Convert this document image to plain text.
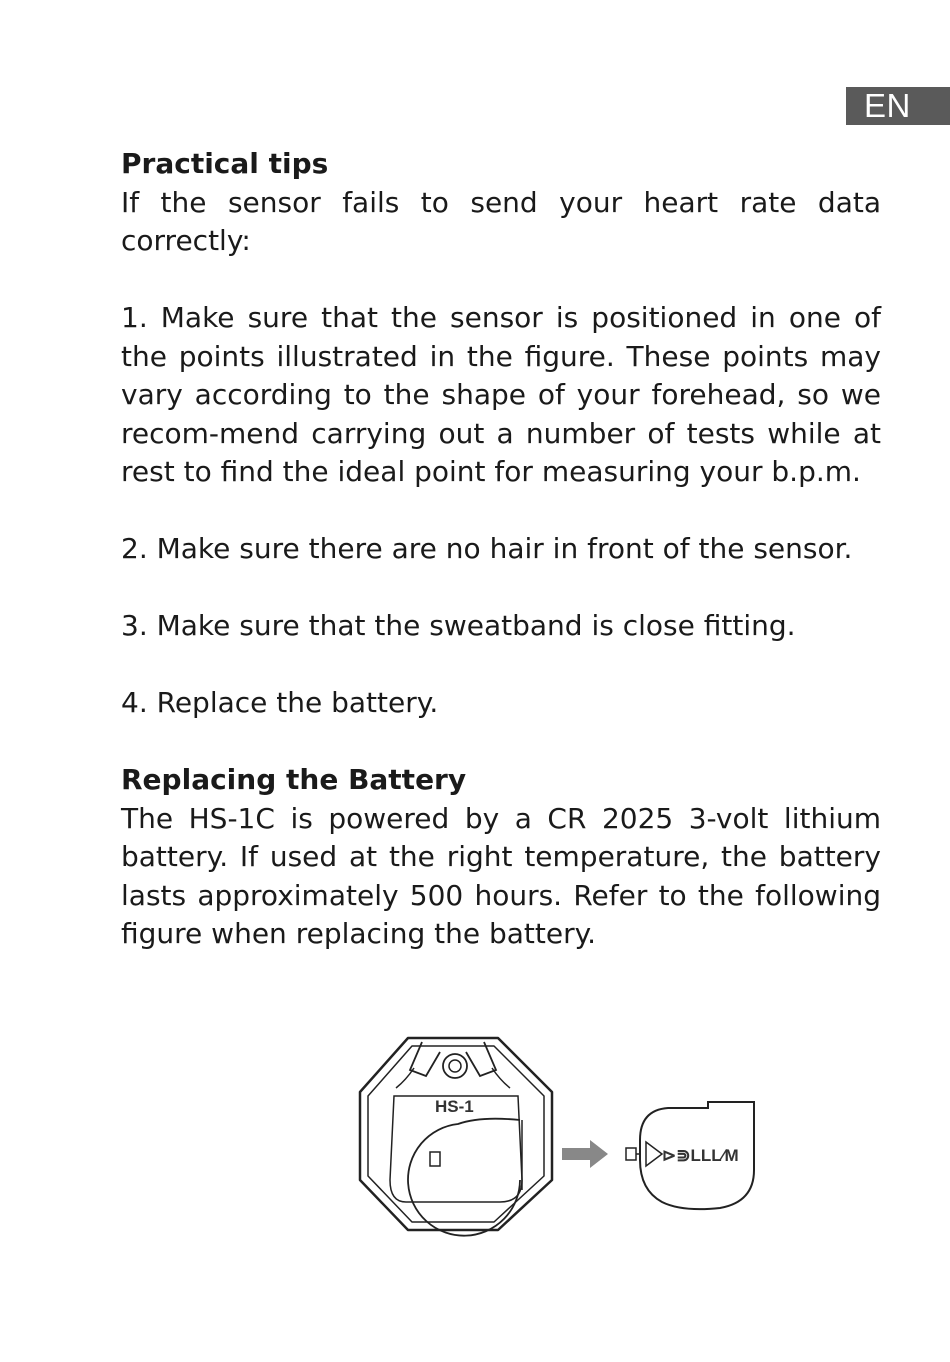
EN

Practical tips

If the sensor fails to send your heart rate data correctly:

1. Make sure that the sensor is positioned in one of the points illustrated in the figure. These points may vary according to the shape of your forehead, so we recom-mend carrying out a number of tests while at rest to find the ideal point for measuring your b.p.m.

2. Make sure there are no hair in front of the sensor.

3. Make sure that the sweatband is close fitting.

4. Replace the battery.

Replacing the Battery

The HS-1C is powered by a CR 2025 3-volt lithium battery. If used at the right temperature, the battery lasts approximately 500 hours. Refer to the following figure when replacing the battery.

HS-1
⊳⋑LLL∕M
